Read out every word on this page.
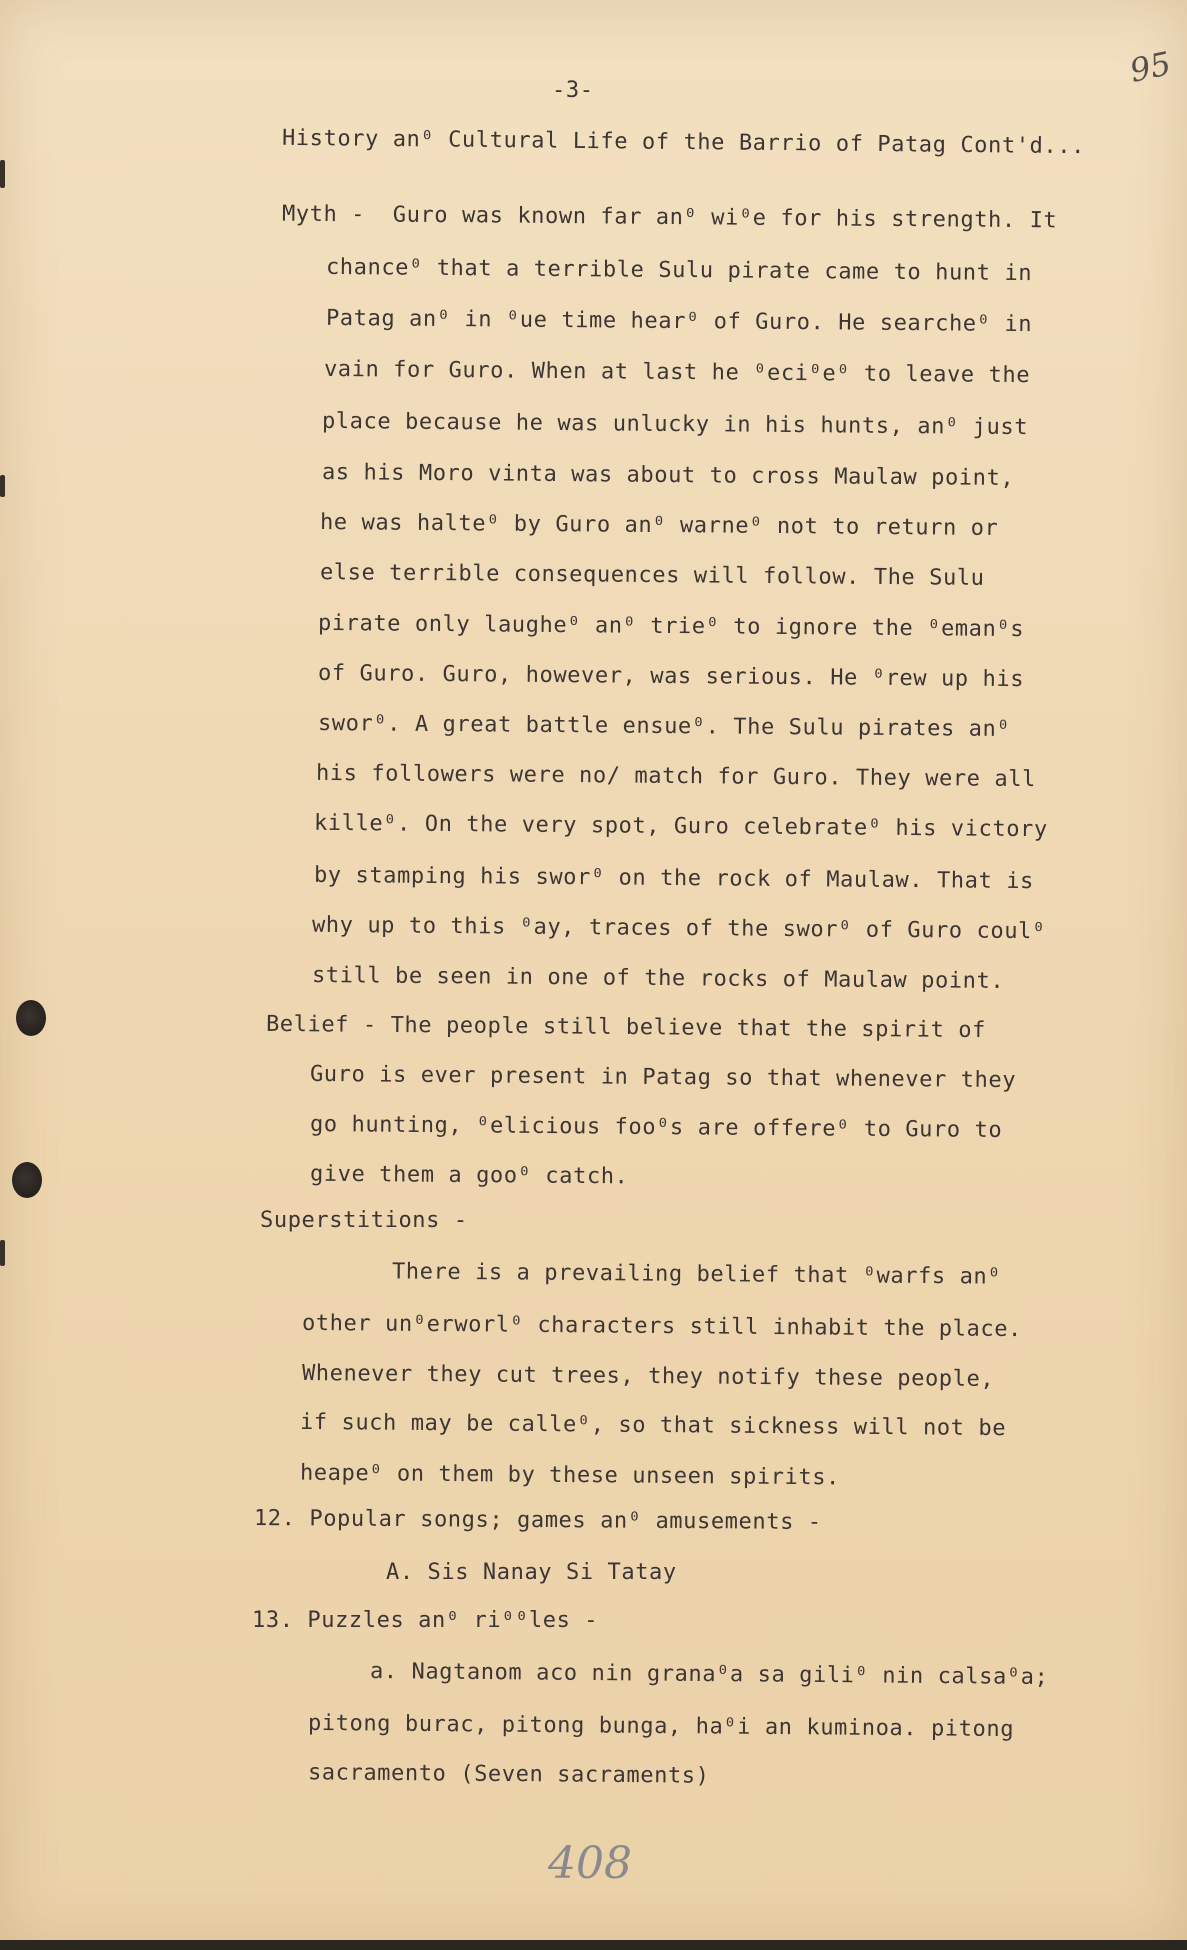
95
408
-3-
History an⁰ Cultural Life of the Barrio of Patag Cont'd...
Myth -  Guro was known far an⁰ wi⁰e for his strength. It
chance⁰ that a terrible Sulu pirate came to hunt in
Patag an⁰ in ⁰ue time hear⁰ of Guro. He searche⁰ in
vain for Guro. When at last he ⁰eci⁰e⁰ to leave the
place because he was unlucky in his hunts, an⁰ just
as his Moro vinta was about to cross Maulaw point,
he was halte⁰ by Guro an⁰ warne⁰ not to return or
else terrible consequences will follow. The Sulu
pirate only laughe⁰ an⁰ trie⁰ to ignore the ⁰eman⁰s
of Guro. Guro, however, was serious. He ⁰rew up his
swor⁰. A great battle ensue⁰. The Sulu pirates an⁰
his followers were no/ match for Guro. They were all
kille⁰. On the very spot, Guro celebrate⁰ his victory
by stamping his swor⁰ on the rock of Maulaw. That is
why up to this ⁰ay, traces of the swor⁰ of Guro coul⁰
still be seen in one of the rocks of Maulaw point.
Belief - The people still believe that the spirit of
Guro is ever present in Patag so that whenever they
go hunting, ⁰elicious foo⁰s are offere⁰ to Guro to
give them a goo⁰ catch.
Superstitions -
There is a prevailing belief that ⁰warfs an⁰
other un⁰erworl⁰ characters still inhabit the place.
Whenever they cut trees, they notify these people,
if such may be calle⁰, so that sickness will not be
heape⁰ on them by these unseen spirits.
12. Popular songs; games an⁰ amusements -
A. Sis Nanay Si Tatay
13. Puzzles an⁰ ri⁰⁰les -
a. Nagtanom aco nin grana⁰a sa gili⁰ nin calsa⁰a;
pitong burac, pitong bunga, ha⁰i an kuminoa. pitong
sacramento (Seven sacraments)
